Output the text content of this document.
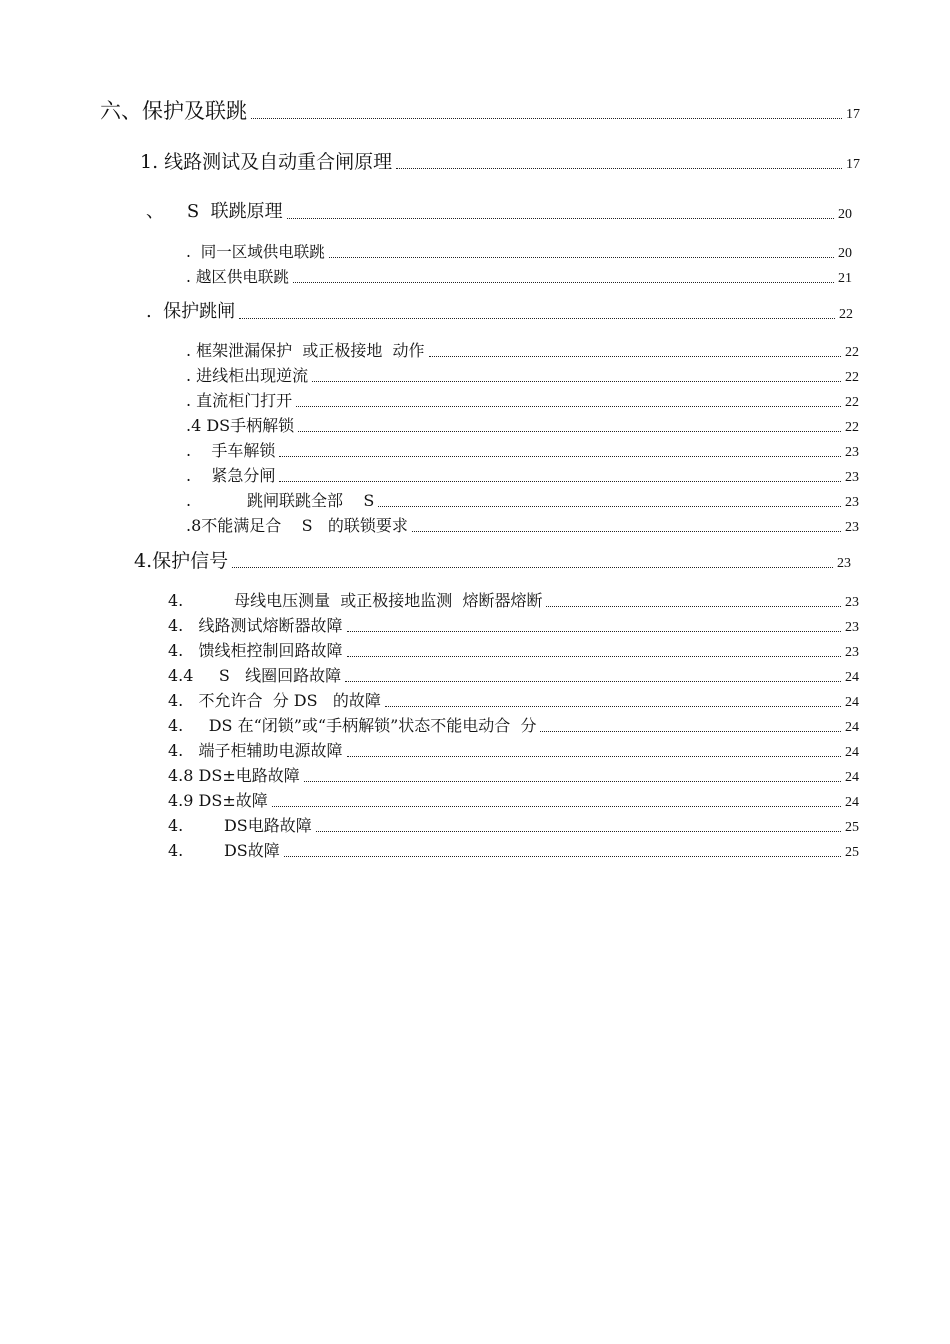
六、保护及联跳	17
1. 线路测试及自动重合闸原理	17
、    S  联跳原理	20
.  同一区域供电联跳	20
. 越区供电联跳	21
.  保护跳闸	22
. 框架泄漏保护  或正极接地  动作	22
. 进线柜出现逆流	22
. 直流柜门打开	22
.4 DS手柄解锁	22
.    手车解锁	23
.    紧急分闸	23
.           跳闸联跳全部    S	23
.8不能满足合    S   的联锁要求	23
4.保护信号	23
4.          母线电压测量  或正极接地监测  熔断器熔断	23
4.   线路测试熔断器故障	23
4.   馈线柜控制回路故障	23
4.4     S   线圈回路故障	24
4.   不允许合  分 DS   的故障	24
4.     DS 在“闭锁”或“手柄解锁”状态不能电动合  分	24
4.   端子柜辅助电源故障	24
4.8 DS±电路故障	24
4.9 DS±故障	24
4.        DS电路故障	25
4.        DS故障	25
